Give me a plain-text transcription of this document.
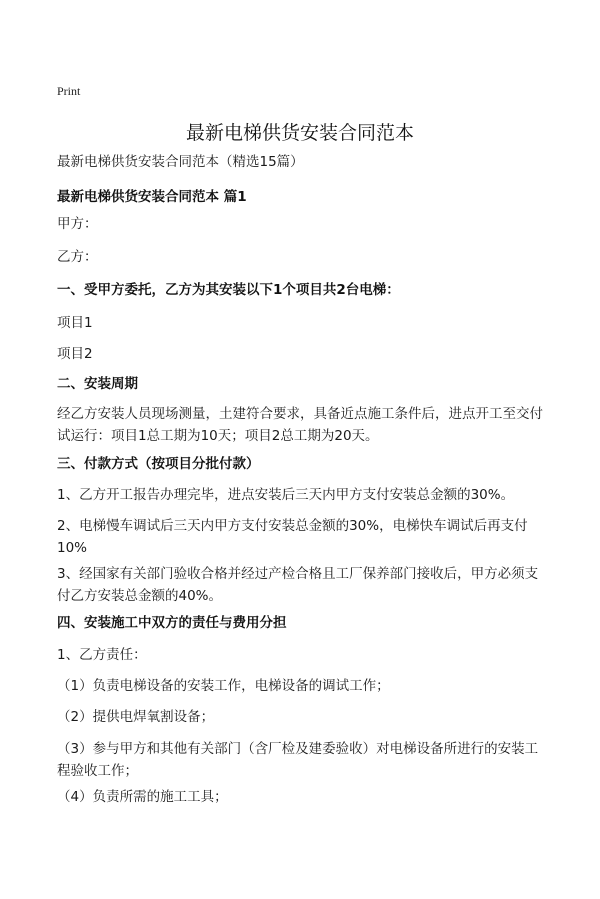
Print
最新电梯供货安装合同范本

最新电梯供货安装合同范本（精选15篇）

最新电梯供货安装合同范本 篇1

甲方：

乙方：

一、受甲方委托，乙方为其安装以下1个项目共2台电梯：

项目1

项目2

二、安装周期

经乙方安装人员现场测量，土建符合要求，具备近点施工条件后，进点开工至交付
试运行：项目1总工期为10天；项目2总工期为20天。

三、付款方式（按项目分批付款）

1、乙方开工报告办理完毕，进点安装后三天内甲方支付安装总金额的30%。

2、电梯慢车调试后三天内甲方支付安装总金额的30%，电梯快车调试后再支付
10%

3、经国家有关部门验收合格并经过产检合格且工厂保养部门接收后，甲方必须支
付乙方安装总金额的40%。

四、安装施工中双方的责任与费用分担

1、乙方责任：

（1）负责电梯设备的安装工作，电梯设备的调试工作；

（2）提供电焊氧割设备；

（3）参与甲方和其他有关部门（含厂检及建委验收）对电梯设备所进行的安装工
程验收工作；

（4）负责所需的施工工具；
